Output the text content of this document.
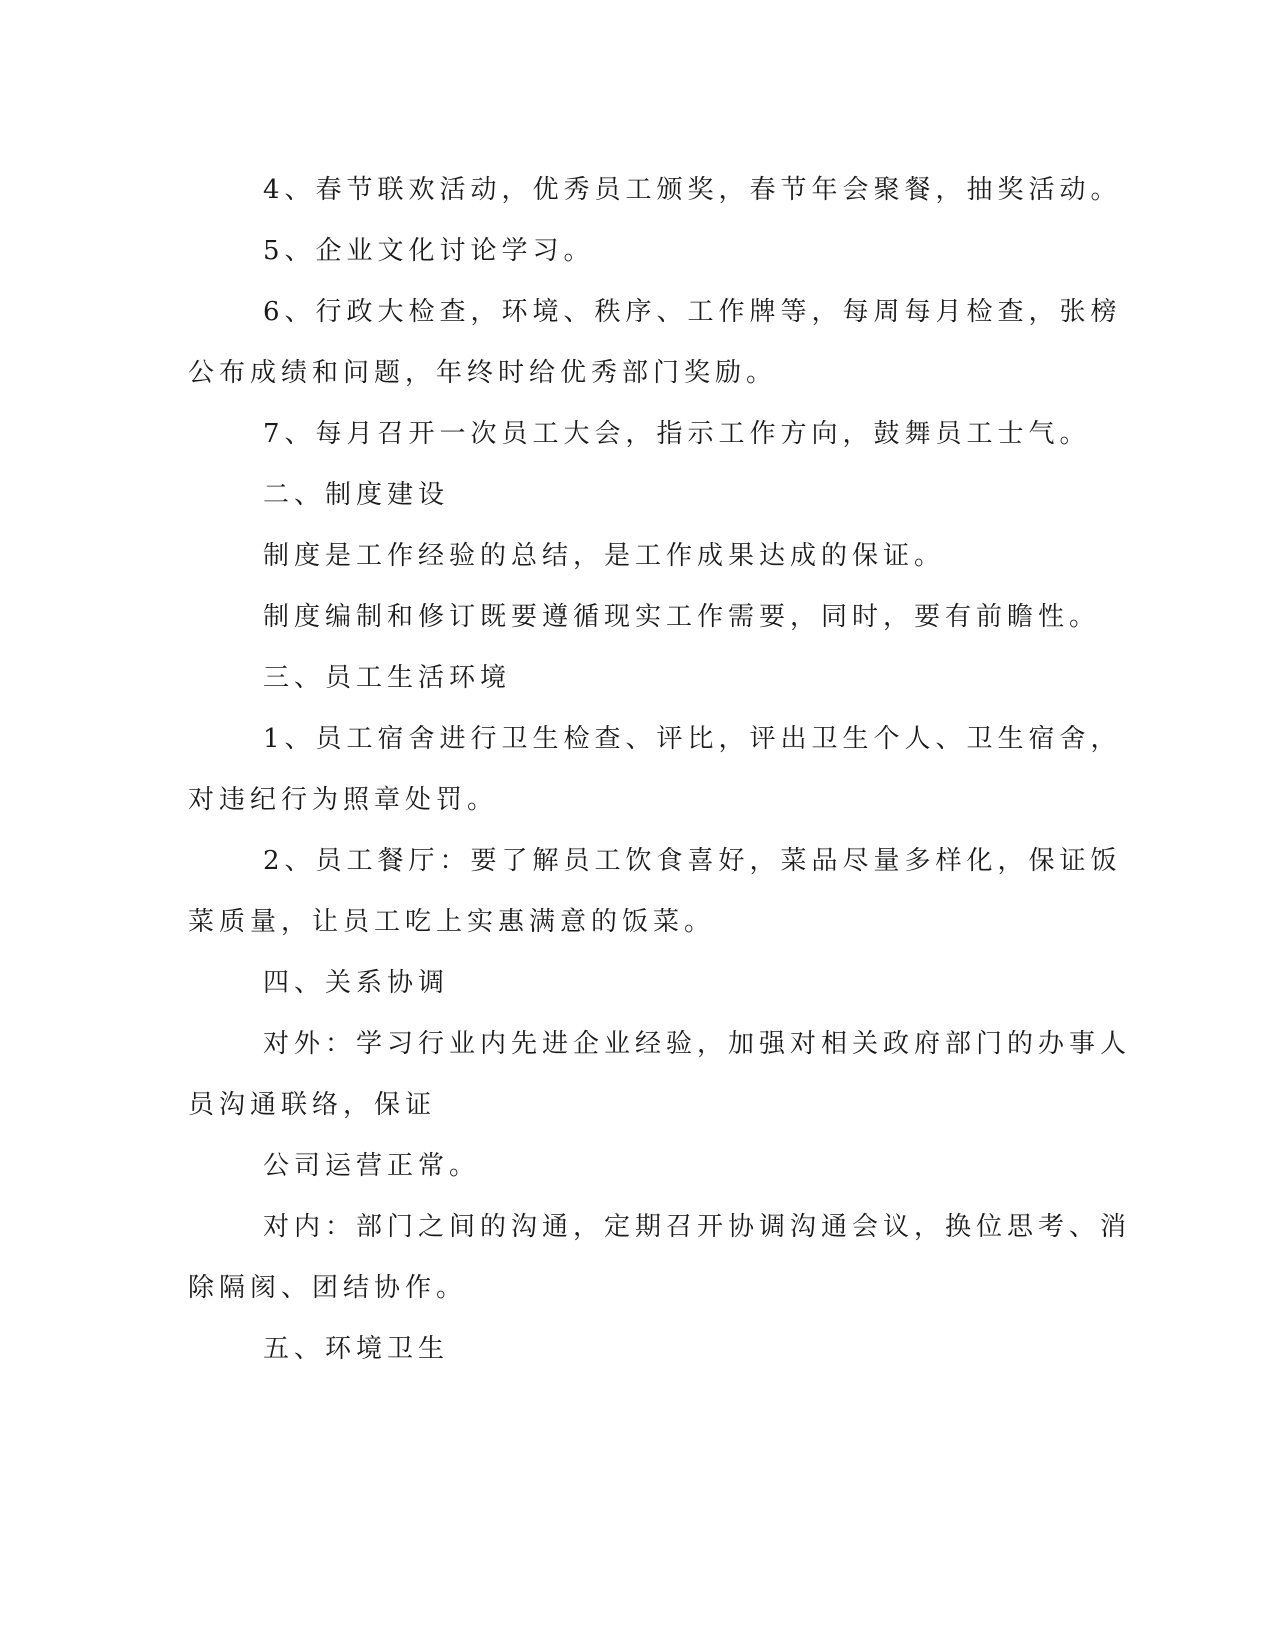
4、春节联欢活动，优秀员工颁奖，春节年会聚餐，抽奖活动。
5、企业文化讨论学习。
6、行政大检查，环境、秩序、工作牌等，每周每月检查，张榜
公布成绩和问题，年终时给优秀部门奖励。
7、每月召开一次员工大会，指示工作方向，鼓舞员工士气。
二、制度建设
制度是工作经验的总结，是工作成果达成的保证。
制度编制和修订既要遵循现实工作需要，同时，要有前瞻性。
三、员工生活环境
1、员工宿舍进行卫生检查、评比，评出卫生个人、卫生宿舍，
对违纪行为照章处罚。
2、员工餐厅：要了解员工饮食喜好，菜品尽量多样化，保证饭
菜质量，让员工吃上实惠满意的饭菜。
四、关系协调
对外：学习行业内先进企业经验，加强对相关政府部门的办事人
员沟通联络，保证
公司运营正常。
对内：部门之间的沟通，定期召开协调沟通会议，换位思考、消
除隔阂、团结协作。
五、环境卫生
